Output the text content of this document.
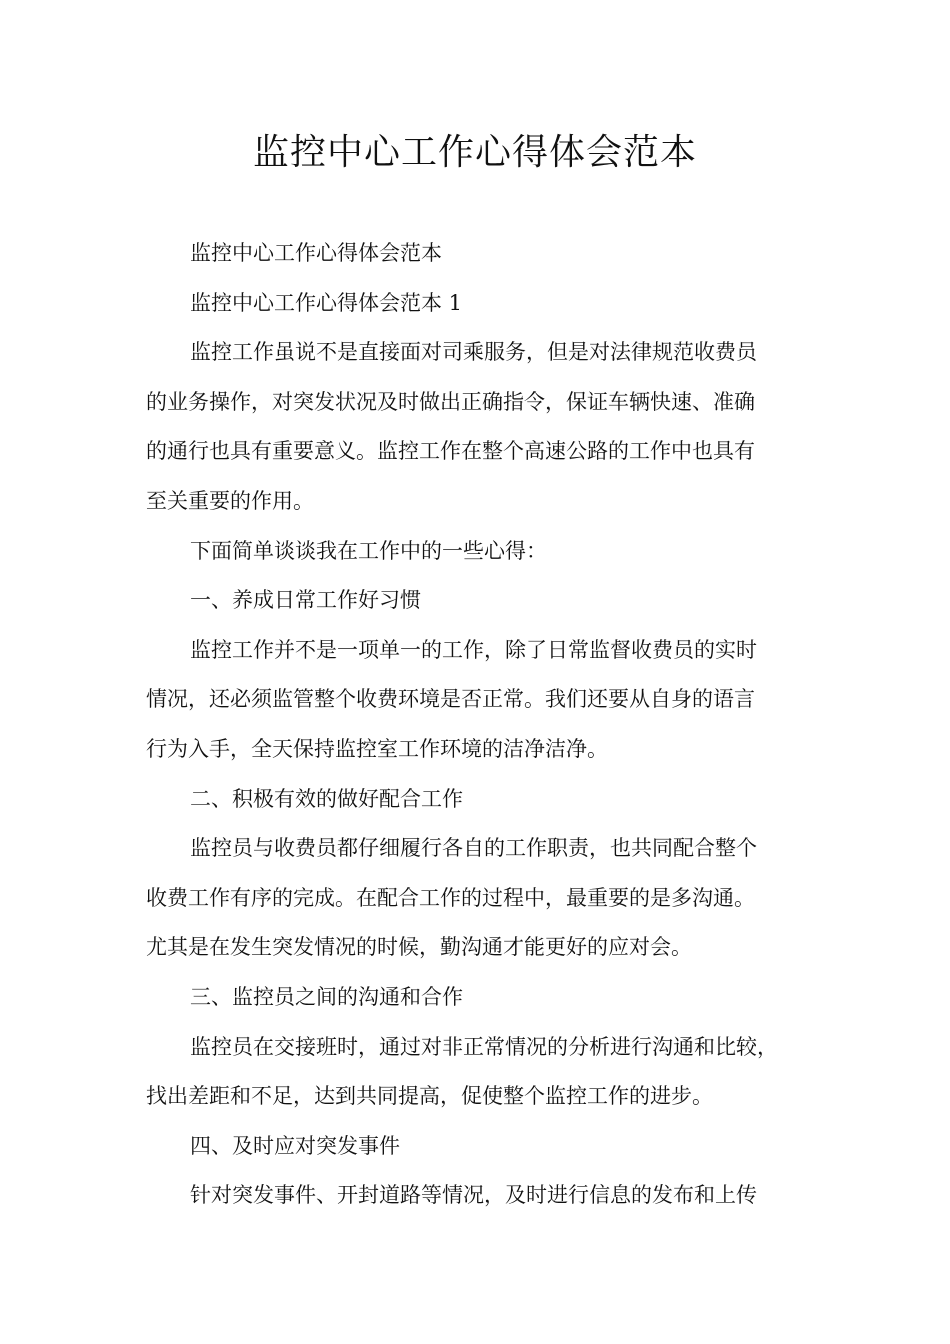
监控中心工作心得体会范本
监控中心工作心得体会范本
监控中心工作心得体会范本 1
监控工作虽说不是直接面对司乘服务，但是对法律规范收费员
的业务操作，对突发状况及时做出正确指令，保证车辆快速、准确
的通行也具有重要意义。监控工作在整个高速公路的工作中也具有
至关重要的作用。
下面简单谈谈我在工作中的一些心得：
一、养成日常工作好习惯
监控工作并不是一项单一的工作，除了日常监督收费员的实时
情况，还必须监管整个收费环境是否正常。我们还要从自身的语言
行为入手，全天保持监控室工作环境的洁净洁净。
二、积极有效的做好配合工作
监控员与收费员都仔细履行各自的工作职责，也共同配合整个
收费工作有序的完成。在配合工作的过程中，最重要的是多沟通。
尤其是在发生突发情况的时候，勤沟通才能更好的应对会。
三、监控员之间的沟通和合作
监控员在交接班时，通过对非正常情况的分析进行沟通和比较，
找出差距和不足，达到共同提高，促使整个监控工作的进步。
四、及时应对突发事件
针对突发事件、开封道路等情况，及时进行信息的发布和上传
